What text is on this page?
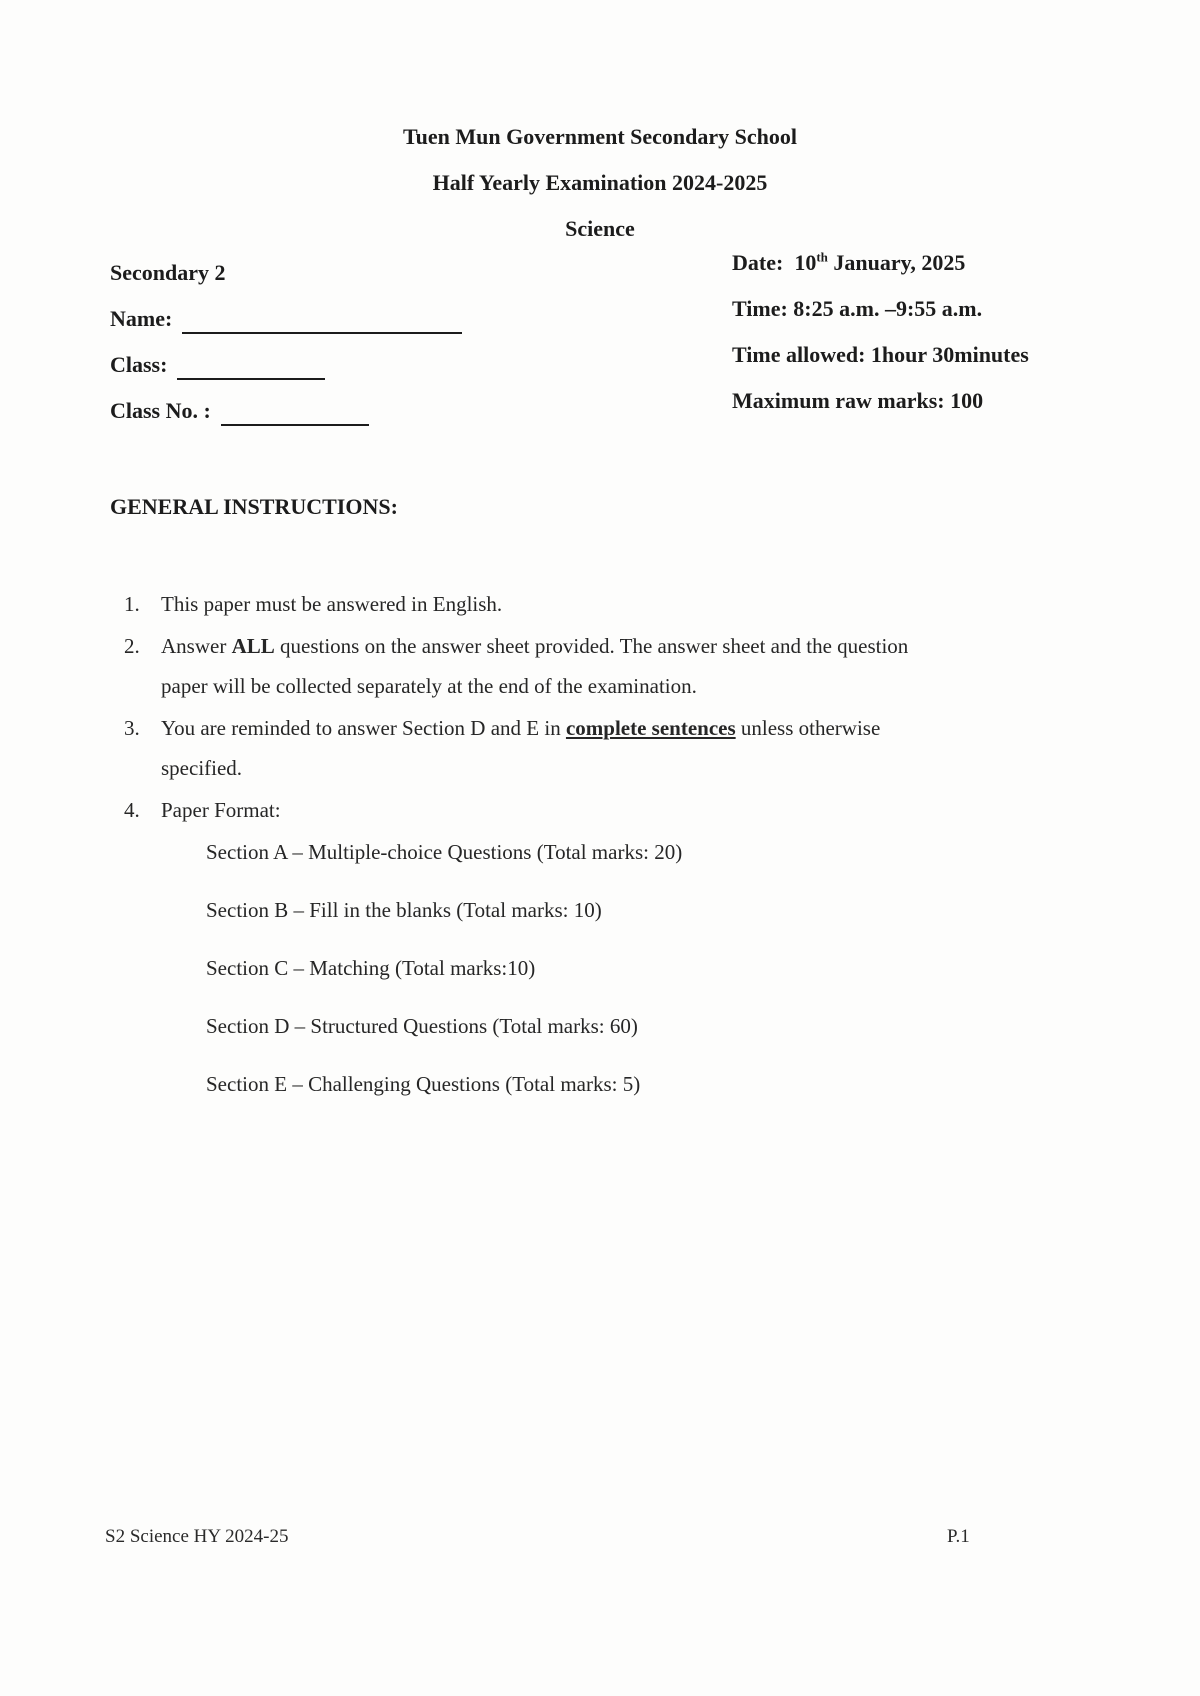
Tuen Mun Government Secondary School
Half Yearly Examination 2024-2025
Science
Secondary 2
Name:
Class:
Class No. :
Date: 10th January, 2025
Time: 8:25 a.m. –9:55 a.m.
Time allowed: 1hour 30minutes
Maximum raw marks: 100
GENERAL INSTRUCTIONS:
1. This paper must be answered in English.
2. Answer ALL questions on the answer sheet provided. The answer sheet and the question
paper will be collected separately at the end of the examination.
3. You are reminded to answer Section D and E in complete sentences unless otherwise
specified.
4. Paper Format:
Section A – Multiple-choice Questions (Total marks: 20)
Section B – Fill in the blanks (Total marks: 10)
Section C – Matching (Total marks:10)
Section D – Structured Questions (Total marks: 60)
Section E – Challenging Questions (Total marks: 5)
S2 Science HY 2024-25	P.1
